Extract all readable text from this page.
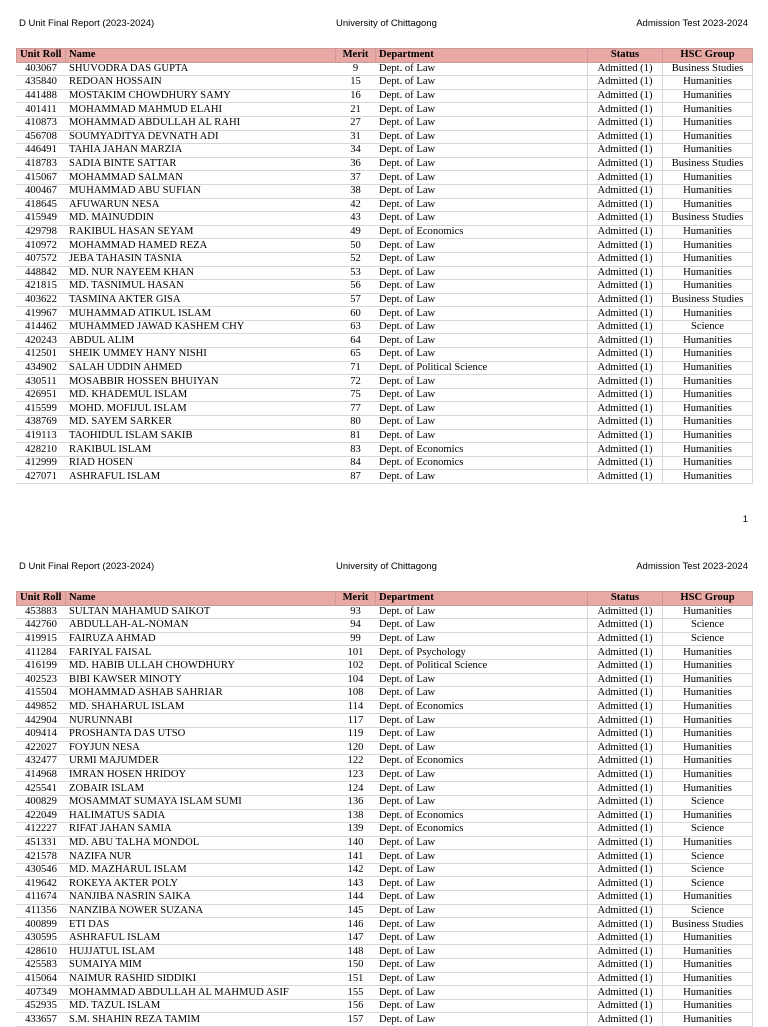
D Unit Final Report (2023-2024)	University of Chittagong	Admission Test 2023-2024
Unit Roll	Name	Merit	Department	Status	HSC Group
403067	SHUVODRA DAS GUPTA	9	Dept. of Law	Admitted (1)	Business Studies
435840	REDOAN HOSSAIN	15	Dept. of Law	Admitted (1)	Humanities
441488	MOSTAKIM CHOWDHURY SAMY	16	Dept. of Law	Admitted (1)	Humanities
401411	MOHAMMAD MAHMUD ELAHI	21	Dept. of Law	Admitted (1)	Humanities
410873	MOHAMMAD ABDULLAH AL RAHI	27	Dept. of Law	Admitted (1)	Humanities
456708	SOUMYADITYA DEVNATH ADI	31	Dept. of Law	Admitted (1)	Humanities
446491	TAHIA JAHAN MARZIA	34	Dept. of Law	Admitted (1)	Humanities
418783	SADIA BINTE SATTAR	36	Dept. of Law	Admitted (1)	Business Studies
415067	MOHAMMAD SALMAN	37	Dept. of Law	Admitted (1)	Humanities
400467	MUHAMMAD ABU SUFIAN	38	Dept. of Law	Admitted (1)	Humanities
418645	AFUWARUN NESA	42	Dept. of Law	Admitted (1)	Humanities
415949	MD. MAINUDDIN	43	Dept. of Law	Admitted (1)	Business Studies
429798	RAKIBUL HASAN SEYAM	49	Dept. of Economics	Admitted (1)	Humanities
410972	MOHAMMAD HAMED REZA	50	Dept. of Law	Admitted (1)	Humanities
407572	JEBA TAHASIN TASNIA	52	Dept. of Law	Admitted (1)	Humanities
448842	MD. NUR NAYEEM KHAN	53	Dept. of Law	Admitted (1)	Humanities
421815	MD. TASNIMUL HASAN	56	Dept. of Law	Admitted (1)	Humanities
403622	TASMINA AKTER GISA	57	Dept. of Law	Admitted (1)	Business Studies
419967	MUHAMMAD ATIKUL ISLAM	60	Dept. of Law	Admitted (1)	Humanities
414462	MUHAMMED JAWAD KASHEM CHY	63	Dept. of Law	Admitted (1)	Science
420243	ABDUL ALIM	64	Dept. of Law	Admitted (1)	Humanities
412501	SHEIK UMMEY HANY NISHI	65	Dept. of Law	Admitted (1)	Humanities
434902	SALAH UDDIN AHMED	71	Dept. of Political Science	Admitted (1)	Humanities
430511	MOSABBIR HOSSEN BHUIYAN	72	Dept. of Law	Admitted (1)	Humanities
426951	MD. KHADEMUL ISLAM	75	Dept. of Law	Admitted (1)	Humanities
415599	MOHD. MOFIJUL ISLAM	77	Dept. of Law	Admitted (1)	Humanities
438769	MD. SAYEM SARKER	80	Dept. of Law	Admitted (1)	Humanities
419113	TAOHIDUL ISLAM SAKIB	81	Dept. of Law	Admitted (1)	Humanities
428210	RAKIBUL ISLAM	83	Dept. of Economics	Admitted (1)	Humanities
412999	RIAD HOSEN	84	Dept. of Economics	Admitted (1)	Humanities
427071	ASHRAFUL ISLAM	87	Dept. of Law	Admitted (1)	Humanities
1
D Unit Final Report (2023-2024)	University of Chittagong	Admission Test 2023-2024
Unit Roll	Name	Merit	Department	Status	HSC Group
453883	SULTAN MAHAMUD SAIKOT	93	Dept. of Law	Admitted (1)	Humanities
442760	ABDULLAH-AL-NOMAN	94	Dept. of Law	Admitted (1)	Science
419915	FAIRUZA AHMAD	99	Dept. of Law	Admitted (1)	Science
411284	FARIYAL FAISAL	101	Dept. of Psychology	Admitted (1)	Humanities
416199	MD. HABIB ULLAH CHOWDHURY	102	Dept. of Political Science	Admitted (1)	Humanities
402523	BIBI KAWSER MINOTY	104	Dept. of Law	Admitted (1)	Humanities
415504	MOHAMMAD ASHAB SAHRIAR	108	Dept. of Law	Admitted (1)	Humanities
449852	MD. SHAHARUL ISLAM	114	Dept. of Economics	Admitted (1)	Humanities
442904	NURUNNABI	117	Dept. of Law	Admitted (1)	Humanities
409414	PROSHANTA DAS UTSO	119	Dept. of Law	Admitted (1)	Humanities
422027	FOYJUN NESA	120	Dept. of Law	Admitted (1)	Humanities
432477	URMI MAJUMDER	122	Dept. of Economics	Admitted (1)	Humanities
414968	IMRAN HOSEN HRIDOY	123	Dept. of Law	Admitted (1)	Humanities
425541	ZOBAIR ISLAM	124	Dept. of Law	Admitted (1)	Humanities
400829	MOSAMMAT SUMAYA ISLAM SUMI	136	Dept. of Law	Admitted (1)	Science
422049	HALIMATUS SADIA	138	Dept. of Economics	Admitted (1)	Humanities
412227	RIFAT JAHAN SAMIA	139	Dept. of Economics	Admitted (1)	Science
451331	MD. ABU TALHA MONDOL	140	Dept. of Law	Admitted (1)	Humanities
421578	NAZIFA NUR	141	Dept. of Law	Admitted (1)	Science
430546	MD. MAZHARUL ISLAM	142	Dept. of Law	Admitted (1)	Science
419642	ROKEYA AKTER POLY	143	Dept. of Law	Admitted (1)	Science
411674	NANJIBA NASRIN SAIKA	144	Dept. of Law	Admitted (1)	Humanities
411356	NANZIBA NOWER SUZANA	145	Dept. of Law	Admitted (1)	Science
400899	ETI DAS	146	Dept. of Law	Admitted (1)	Business Studies
430595	ASHRAFUL ISLAM	147	Dept. of Law	Admitted (1)	Humanities
428610	HUJJATUL ISLAM	148	Dept. of Law	Admitted (1)	Humanities
425583	SUMAIYA MIM	150	Dept. of Law	Admitted (1)	Humanities
415064	NAIMUR RASHID SIDDIKI	151	Dept. of Law	Admitted (1)	Humanities
407349	MOHAMMAD ABDULLAH AL MAHMUD ASIF	155	Dept. of Law	Admitted (1)	Humanities
452935	MD. TAZUL ISLAM	156	Dept. of Law	Admitted (1)	Humanities
433657	S.M. SHAHIN REZA TAMIM	157	Dept. of Law	Admitted (1)	Humanities
